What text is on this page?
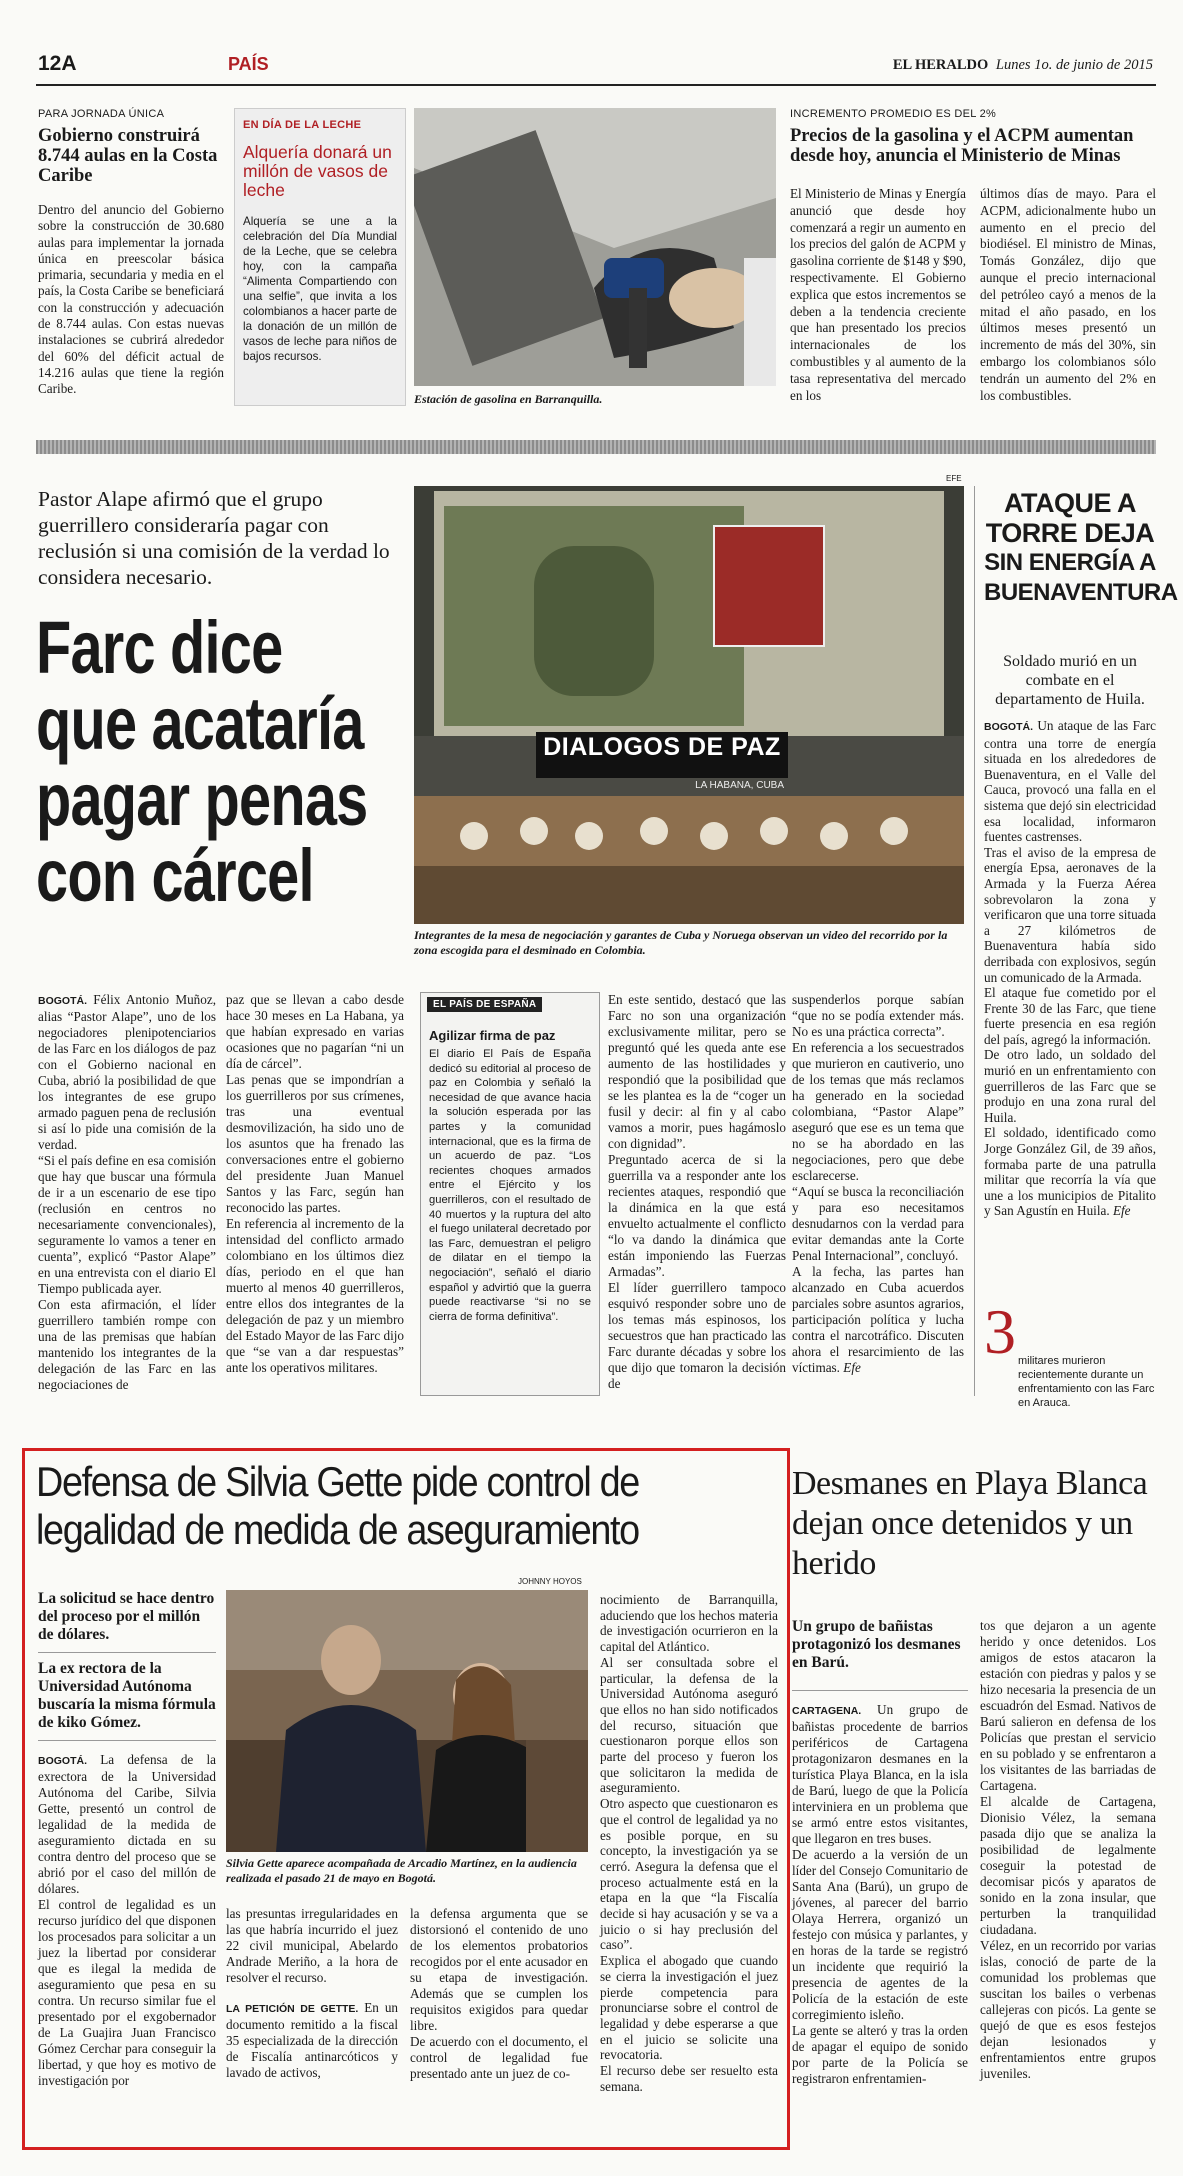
12A	PAÍS	EL HERALDO Lunes 1o. de junio de 2015
PARA JORNADA ÚNICA
Gobierno construirá 8.744 aulas en la Costa Caribe
Dentro del anuncio del Gobierno sobre la construcción de 30.680 aulas para implementar la jornada única en preescolar básica primaria, secundaria y media en el país, la Costa Caribe se beneficiará con la construcción y adecuación de 8.744 aulas. Con estas nuevas instalaciones se cubrirá alrededor del 60% del déficit actual de 14.216 aulas que tiene la región Caribe.
EN DÍA DE LA LECHE
Alquería donará un millón de vasos de leche
Alquería se une a la celebración del Día Mundial de la Leche, que se celebra hoy, con la campaña “Alimenta Compartiendo con una selfie”, que invita a los colombianos a hacer parte de la donación de un millón de vasos de leche para niños de bajos recursos.
Estación de gasolina en Barranquilla.
INCREMENTO PROMEDIO ES DEL 2%
Precios de la gasolina y el ACPM aumentan desde hoy, anuncia el Ministerio de Minas
El Ministerio de Minas y Energía anunció que desde hoy comenzará a regir un aumento en los precios del galón de ACPM y gasolina corriente de $148 y $90, respectivamente. El Gobierno explica que estos incrementos se deben a la tendencia creciente que han presentado los precios internacionales de los combustibles y al aumento de la tasa representativa del mercado en los
últimos días de mayo. Para el ACPM, adicionalmente hubo un aumento en el precio del biodiésel. El ministro de Minas, Tomás González, dijo que aunque el precio internacional del petróleo cayó a menos de la mitad el año pasado, en los últimos meses presentó un incremento de más del 30%, sin embargo los colombianos sólo tendrán un aumento del 2% en los combustibles.
Pastor Alape afirmó que el grupo guerrillero consideraría pagar con reclusión si una comisión de la verdad lo considera necesario.
Farc dice
que acataría
pagar penas
con cárcel
EFE
DIALOGOS DE PAZ
LA HABANA, CUBA
Integrantes de la mesa de negociación y garantes de Cuba y Noruega observan un video del recorrido por la zona escogida para el desminado en Colombia.
BOGOTÁ. Félix Antonio Muñoz, alias “Pastor Alape”, uno de los negociadores plenipotenciarios de las Farc en los diálogos de paz con el Gobierno nacional en Cuba, abrió la posibilidad de que los integrantes de ese grupo armado paguen pena de reclusión si así lo pide una comisión de la verdad.
“Si el país define en esa comisión que hay que buscar una fórmula de ir a un escenario de ese tipo (reclusión en centros no necesariamente convencionales), seguramente lo vamos a tener en cuenta”, explicó “Pastor Alape” en una entrevista con el diario El Tiempo publicada ayer.
Con esta afirmación, el líder guerrillero también rompe con una de las premisas que habían mantenido los integrantes de la delegación de las Farc en las negociaciones de
paz que se llevan a cabo desde hace 30 meses en La Habana, ya que habían expresado en varias ocasiones que no pagarían “ni un día de cárcel”.
Las penas que se impondrían a los guerrilleros por sus crímenes, tras una eventual desmovilización, ha sido uno de los asuntos que ha frenado las conversaciones entre el gobierno del presidente Juan Manuel Santos y las Farc, según han reconocido las partes.
En referencia al incremento de la intensidad del conflicto armado colombiano en los últimos diez días, periodo en el que han muerto al menos 40 guerrilleros, entre ellos dos integrantes de la delegación de paz y un miembro del Estado Mayor de las Farc dijo que “se van a dar respuestas” ante los operativos militares.
EL PAÍS DE ESPAÑA
Agilizar firma de paz
El diario El País de España dedicó su editorial al proceso de paz en Colombia y señaló la necesidad de que avance hacia la solución esperada por las partes y la comunidad internacional, que es la firma de un acuerdo de paz. “Los recientes choques armados entre el Ejército y los guerrilleros, con el resultado de 40 muertos y la ruptura del alto el fuego unilateral decretado por las Farc, demuestran el peligro de dilatar en el tiempo la negociación”, señaló el diario español y advirtió que la guerra puede reactivarse “si no se cierra de forma definitiva”.
En este sentido, destacó que las Farc no son una organización exclusivamente militar, pero se preguntó qué les queda ante ese aumento de las hostilidades y respondió que la posibilidad que se les plantea es la de “coger un fusil y decir: al fin y al cabo vamos a morir, pues hagámoslo con dignidad”.
Preguntado acerca de si la guerrilla va a responder ante los recientes ataques, respondió que la dinámica en la que está envuelto actualmente el conflicto “lo va dando la dinámica que están imponiendo las Fuerzas Armadas”.
El líder guerrillero tampoco esquivó responder sobre uno de los temas más espinosos, los secuestros que han practicado las Farc durante décadas y sobre los que dijo que tomaron la decisión de
suspenderlos porque sabían “que no se podía extender más. No es una práctica correcta”.
En referencia a los secuestrados que murieron en cautiverio, uno de los temas que más reclamos ha generado en la sociedad colombiana, “Pastor Alape” aseguró que ese es un tema que no se ha abordado en las negociaciones, pero que debe esclarecerse.
“Aquí se busca la reconciliación y para eso necesitamos desnudarnos con la verdad para evitar demandas ante la Corte Penal Internacional”, concluyó.
A la fecha, las partes han alcanzado en Cuba acuerdos parciales sobre asuntos agrarios, participación política y lucha contra el narcotráfico. Discuten ahora el resarcimiento de las víctimas. Efe
ATAQUE A
TORRE DEJA
SIN ENERGÍA A
BUENAVENTURA
Soldado murió en un combate en el departamento de Huila.
BOGOTÁ. Un ataque de las Farc contra una torre de energía situada en los alrededores de Buenaventura, en el Valle del Cauca, provocó una falla en el sistema que dejó sin electricidad esa localidad, informaron fuentes castrenses.
Tras el aviso de la empresa de energía Epsa, aeronaves de la Armada y la Fuerza Aérea sobrevolaron la zona y verificaron que una torre situada a 27 kilómetros de Buenaventura había sido derribada con explosivos, según un comunicado de la Armada.
El ataque fue cometido por el Frente 30 de las Farc, que tiene fuerte presencia en esa región del país, agregó la información.
De otro lado, un soldado del murió en un enfrentamiento con guerrilleros de las Farc que se produjo en una zona rural del Huila.
El soldado, identificado como Jorge González Gil, de 39 años, formaba parte de una patrulla militar que recorría la vía que une a los municipios de Pitalito y San Agustín en Huila. Efe
3 militares murieron recientemente durante un enfrentamiento con las Farc en Arauca.
Defensa de Silvia Gette pide control de legalidad de medida de aseguramiento
JOHNNY HOYOS
La solicitud se hace dentro del proceso por el millón de dólares.
La ex rectora de la Universidad Autónoma buscaría la misma fórmula de kiko Gómez.
BOGOTÁ. La defensa de la exrectora de la Universidad Autónoma del Caribe, Silvia Gette, presentó un control de legalidad de la medida de aseguramiento dictada en su contra dentro del proceso que se abrió por el caso del millón de dólares.
El control de legalidad es un recurso jurídico del que disponen los procesados para solicitar a un juez la libertad por considerar que es ilegal la medida de aseguramiento que pesa en su contra. Un recurso similar fue el presentado por el exgobernador de La Guajira Juan Francisco Gómez Cerchar para conseguir la libertad, y que hoy es motivo de investigación por
Silvia Gette aparece acompañada de Arcadio Martínez, en la audiencia realizada el pasado 21 de mayo en Bogotá.
las presuntas irregularidades en las que habría incurrido el juez 22 civil municipal, Abelardo Andrade Meriño, a la hora de resolver el recurso.
LA PETICIÓN DE GETTE. En un documento remitido a la fiscal 35 especializada de la dirección de Fiscalía antinarcóticos y lavado de activos,
la defensa argumenta que se distorsionó el contenido de uno de los elementos probatorios recogidos por el ente acusador en su etapa de investigación. Además que se cumplen los requisitos exigidos para quedar libre.
De acuerdo con el documento, el control de legalidad fue presentado ante un juez de co-
nocimiento de Barranquilla, aduciendo que los hechos materia de investigación ocurrieron en la capital del Atlántico.
Al ser consultada sobre el particular, la defensa de la Universidad Autónoma aseguró que ellos no han sido notificados del recurso, situación que cuestionaron porque ellos son parte del proceso y fueron los que solicitaron la medida de aseguramiento.
Otro aspecto que cuestionaron es que el control de legalidad ya no es posible porque, en su concepto, la investigación ya se cerró. Asegura la defensa que el proceso actualmente está en la etapa en la que “la Fiscalía decide si hay acusación y se va a juicio o si hay preclusión del caso”.
Explica el abogado que cuando se cierra la investigación el juez pierde competencia para pronunciarse sobre el control de legalidad y debe esperarse a que en el juicio se solicite una revocatoria.
El recurso debe ser resuelto esta semana.
Desmanes en Playa Blanca dejan once detenidos y un herido
Un grupo de bañistas protagonizó los desmanes en Barú.
CARTAGENA. Un grupo de bañistas procedente de barrios periféricos de Cartagena protagonizaron desmanes en la turística Playa Blanca, en la isla de Barú, luego de que la Policía interviniera en un problema que se armó entre estos visitantes, que llegaron en tres buses.
De acuerdo a la versión de un líder del Consejo Comunitario de Santa Ana (Barú), un grupo de jóvenes, al parecer del barrio Olaya Herrera, organizó un festejo con música y parlantes, y en horas de la tarde se registró un incidente que requirió la presencia de agentes de la Policía de la estación de este corregimiento isleño.
La gente se alteró y tras la orden de apagar el equipo de sonido por parte de la Policía se registraron enfrentamien-
tos que dejaron a un agente herido y once detenidos. Los amigos de estos atacaron la estación con piedras y palos y se hizo necesaria la presencia de un escuadrón del Esmad. Nativos de Barú salieron en defensa de los Policías que prestan el servicio en su poblado y se enfrentaron a los visitantes de las barriadas de Cartagena.
El alcalde de Cartagena, Dionisio Vélez, la semana pasada dijo que se analiza la posibilidad de legalmente coseguir la potestad de decomisar picós y aparatos de sonido en la zona insular, que perturben la tranquilidad ciudadana.
Vélez, en un recorrido por varias islas, conoció de parte de la comunidad los problemas que suscitan los bailes o verbenas callejeras con picós. La gente se quejó de que es esos festejos dejan lesionados y enfrentamientos entre grupos juveniles.
